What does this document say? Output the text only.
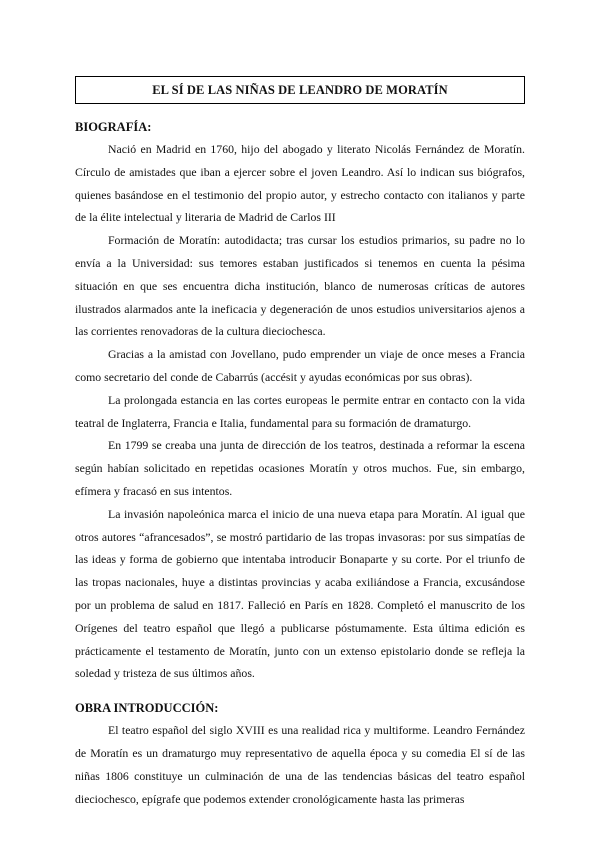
EL SÍ DE LAS NIÑAS DE LEANDRO DE MORATÍN
BIOGRAFÍA:

Nació en Madrid en 1760, hijo del abogado y literato Nicolás Fernández de Moratín. Círculo de amistades que iban a ejercer sobre el joven Leandro. Así lo indican sus biógrafos, quienes basándose en el testimonio del propio autor, y estrecho contacto con italianos y parte de la élite intelectual y literaria de Madrid de Carlos III

Formación de Moratín: autodidacta; tras cursar los estudios primarios, su padre no lo envía a la Universidad: sus temores estaban justificados si tenemos en cuenta la pésima situación en que ses encuentra dicha institución, blanco de numerosas críticas de autores ilustrados alarmados ante la ineficacia y degeneración de unos estudios universitarios ajenos a las corrientes renovadoras de la cultura dieciochesca.

Gracias a la amistad con Jovellano, pudo emprender un viaje de once meses a Francia como secretario del conde de Cabarrús (accésit y ayudas económicas por sus obras).

La prolongada estancia en las cortes europeas le permite entrar en contacto con la vida teatral de Inglaterra, Francia e Italia, fundamental para su formación de dramaturgo.

En 1799 se creaba una junta de dirección de los teatros, destinada a reformar la escena según habían solicitado en repetidas ocasiones Moratín y otros muchos. Fue, sin embargo, efímera y fracasó en sus intentos.

La invasión napoleónica marca el inicio de una nueva etapa para Moratín. Al igual que otros autores “afrancesados”, se mostró partidario de las tropas invasoras: por sus simpatías de las ideas y forma de gobierno que intentaba introducir Bonaparte y su corte. Por el triunfo de las tropas nacionales, huye a distintas provincias y acaba exiliándose a Francia, excusándose por un problema de salud en 1817. Falleció en París en 1828. Completó el manuscrito de los Orígenes del teatro español que llegó a publicarse póstumamente. Esta última edición es prácticamente el testamento de Moratín, junto con un extenso epistolario donde se refleja la soledad y tristeza de sus últimos años.

OBRA INTRODUCCIÓN:

El teatro español del siglo XVIII es una realidad rica y multiforme. Leandro Fernández de Moratín es un dramaturgo muy representativo de aquella época y su comedia El sí de las niñas 1806 constituye un culminación de una de las tendencias básicas del teatro español dieciochesco, epígrafe que podemos extender cronológicamente hasta las primeras
